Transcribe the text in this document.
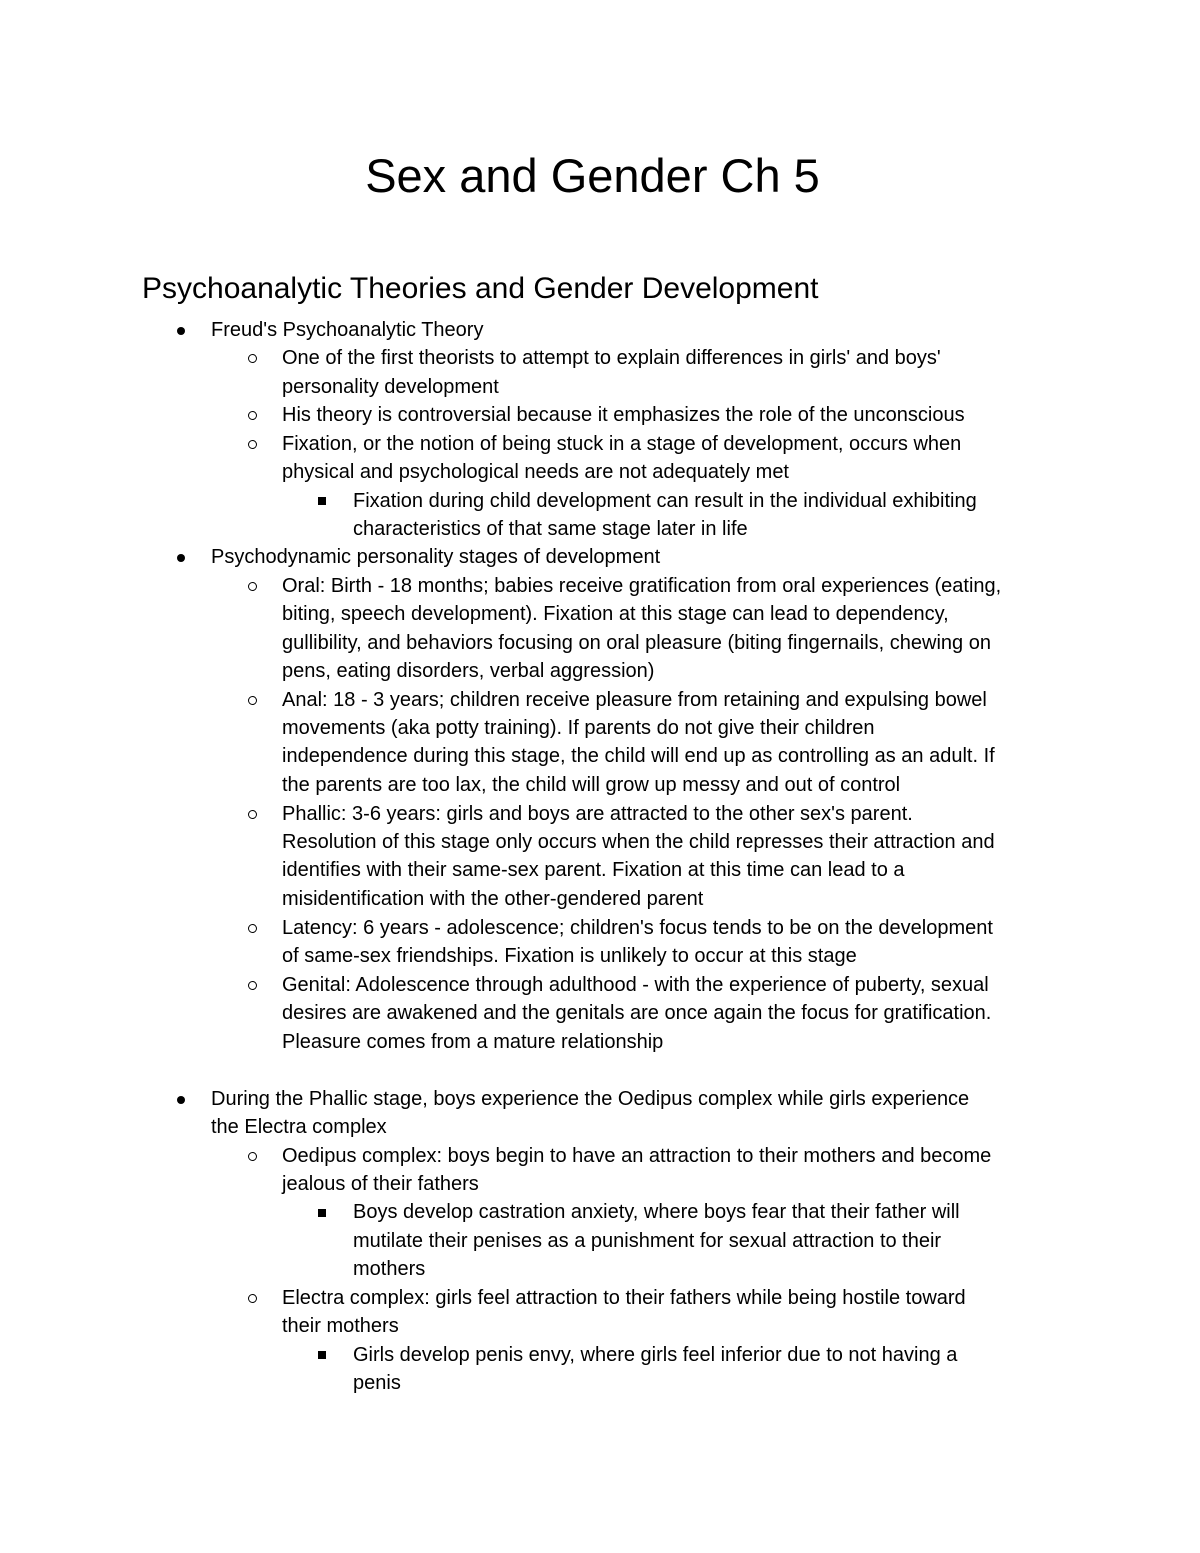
Sex and Gender Ch 5
Psychoanalytic Theories and Gender Development
Freud's Psychoanalytic Theory
One of the first theorists to attempt to explain differences in girls' and boys'
personality development
His theory is controversial because it emphasizes the role of the unconscious
Fixation, or the notion of being stuck in a stage of development, occurs when
physical and psychological needs are not adequately met
Fixation during child development can result in the individual exhibiting
characteristics of that same stage later in life
Psychodynamic personality stages of development
Oral: Birth - 18 months; babies receive gratification from oral experiences (eating,
biting, speech development). Fixation at this stage can lead to dependency,
gullibility, and behaviors focusing on oral pleasure (biting fingernails, chewing on
pens, eating disorders, verbal aggression)
Anal: 18 - 3 years; children receive pleasure from retaining and expulsing bowel
movements (aka potty training). If parents do not give their children
independence during this stage, the child will end up as controlling as an adult. If
the parents are too lax, the child will grow up messy and out of control
Phallic: 3-6 years: girls and boys are attracted to the other sex's parent.
Resolution of this stage only occurs when the child represses their attraction and
identifies with their same-sex parent. Fixation at this time can lead to a
misidentification with the other-gendered parent
Latency: 6 years - adolescence; children's focus tends to be on the development
of same-sex friendships. Fixation is unlikely to occur at this stage
Genital: Adolescence through adulthood - with the experience of puberty, sexual
desires are awakened and the genitals are once again the focus for gratification.
Pleasure comes from a mature relationship
During the Phallic stage, boys experience the Oedipus complex while girls experience
the Electra complex
Oedipus complex: boys begin to have an attraction to their mothers and become
jealous of their fathers
Boys develop castration anxiety, where boys fear that their father will
mutilate their penises as a punishment for sexual attraction to their
mothers
Electra complex: girls feel attraction to their fathers while being hostile toward
their mothers
Girls develop penis envy, where girls feel inferior due to not having a
penis
